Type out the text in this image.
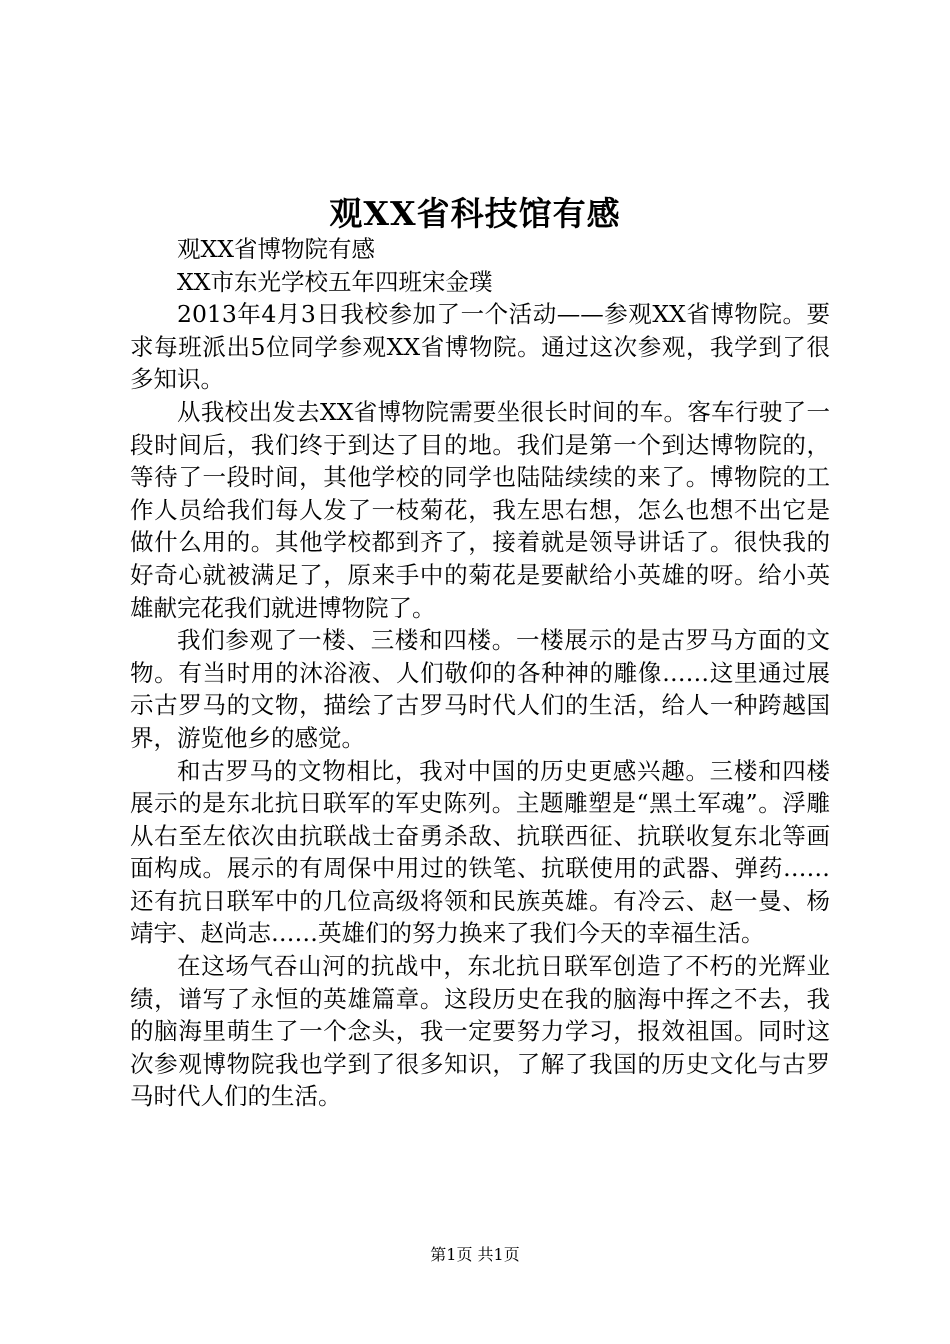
观XX省科技馆有感

观XX省博物院有感

XX市东光学校五年四班宋金璞

2013年4月3日我校参加了一个活动——参观XX省博物院。要求每班派出5位同学参观XX省博物院。通过这次参观，我学到了很多知识。

从我校出发去XX省博物院需要坐很长时间的车。客车行驶了一段时间后，我们终于到达了目的地。我们是第一个到达博物院的，等待了一段时间，其他学校的同学也陆陆续续的来了。博物院的工作人员给我们每人发了一枝菊花，我左思右想，怎么也想不出它是做什么用的。其他学校都到齐了，接着就是领导讲话了。很快我的好奇心就被满足了，原来手中的菊花是要献给小英雄的呀。给小英雄献完花我们就进博物院了。

我们参观了一楼、三楼和四楼。一楼展示的是古罗马方面的文物。有当时用的沐浴液、人们敬仰的各种神的雕像……这里通过展示古罗马的文物，描绘了古罗马时代人们的生活，给人一种跨越国界，游览他乡的感觉。

和古罗马的文物相比，我对中国的历史更感兴趣。三楼和四楼展示的是东北抗日联军的军史陈列。主题雕塑是“黑土军魂”。浮雕从右至左依次由抗联战士奋勇杀敌、抗联西征、抗联收复东北等画面构成。展示的有周保中用过的铁笔、抗联使用的武器、弹药……还有抗日联军中的几位高级将领和民族英雄。有冷云、赵一曼、杨靖宇、赵尚志……英雄们的努力换来了我们今天的幸福生活。

在这场气吞山河的抗战中，东北抗日联军创造了不朽的光辉业绩，谱写了永恒的英雄篇章。这段历史在我的脑海中挥之不去，我的脑海里萌生了一个念头，我一定要努力学习，报效祖国。同时这次参观博物院我也学到了很多知识，了解了我国的历史文化与古罗马时代人们的生活。

第1页 共1页
